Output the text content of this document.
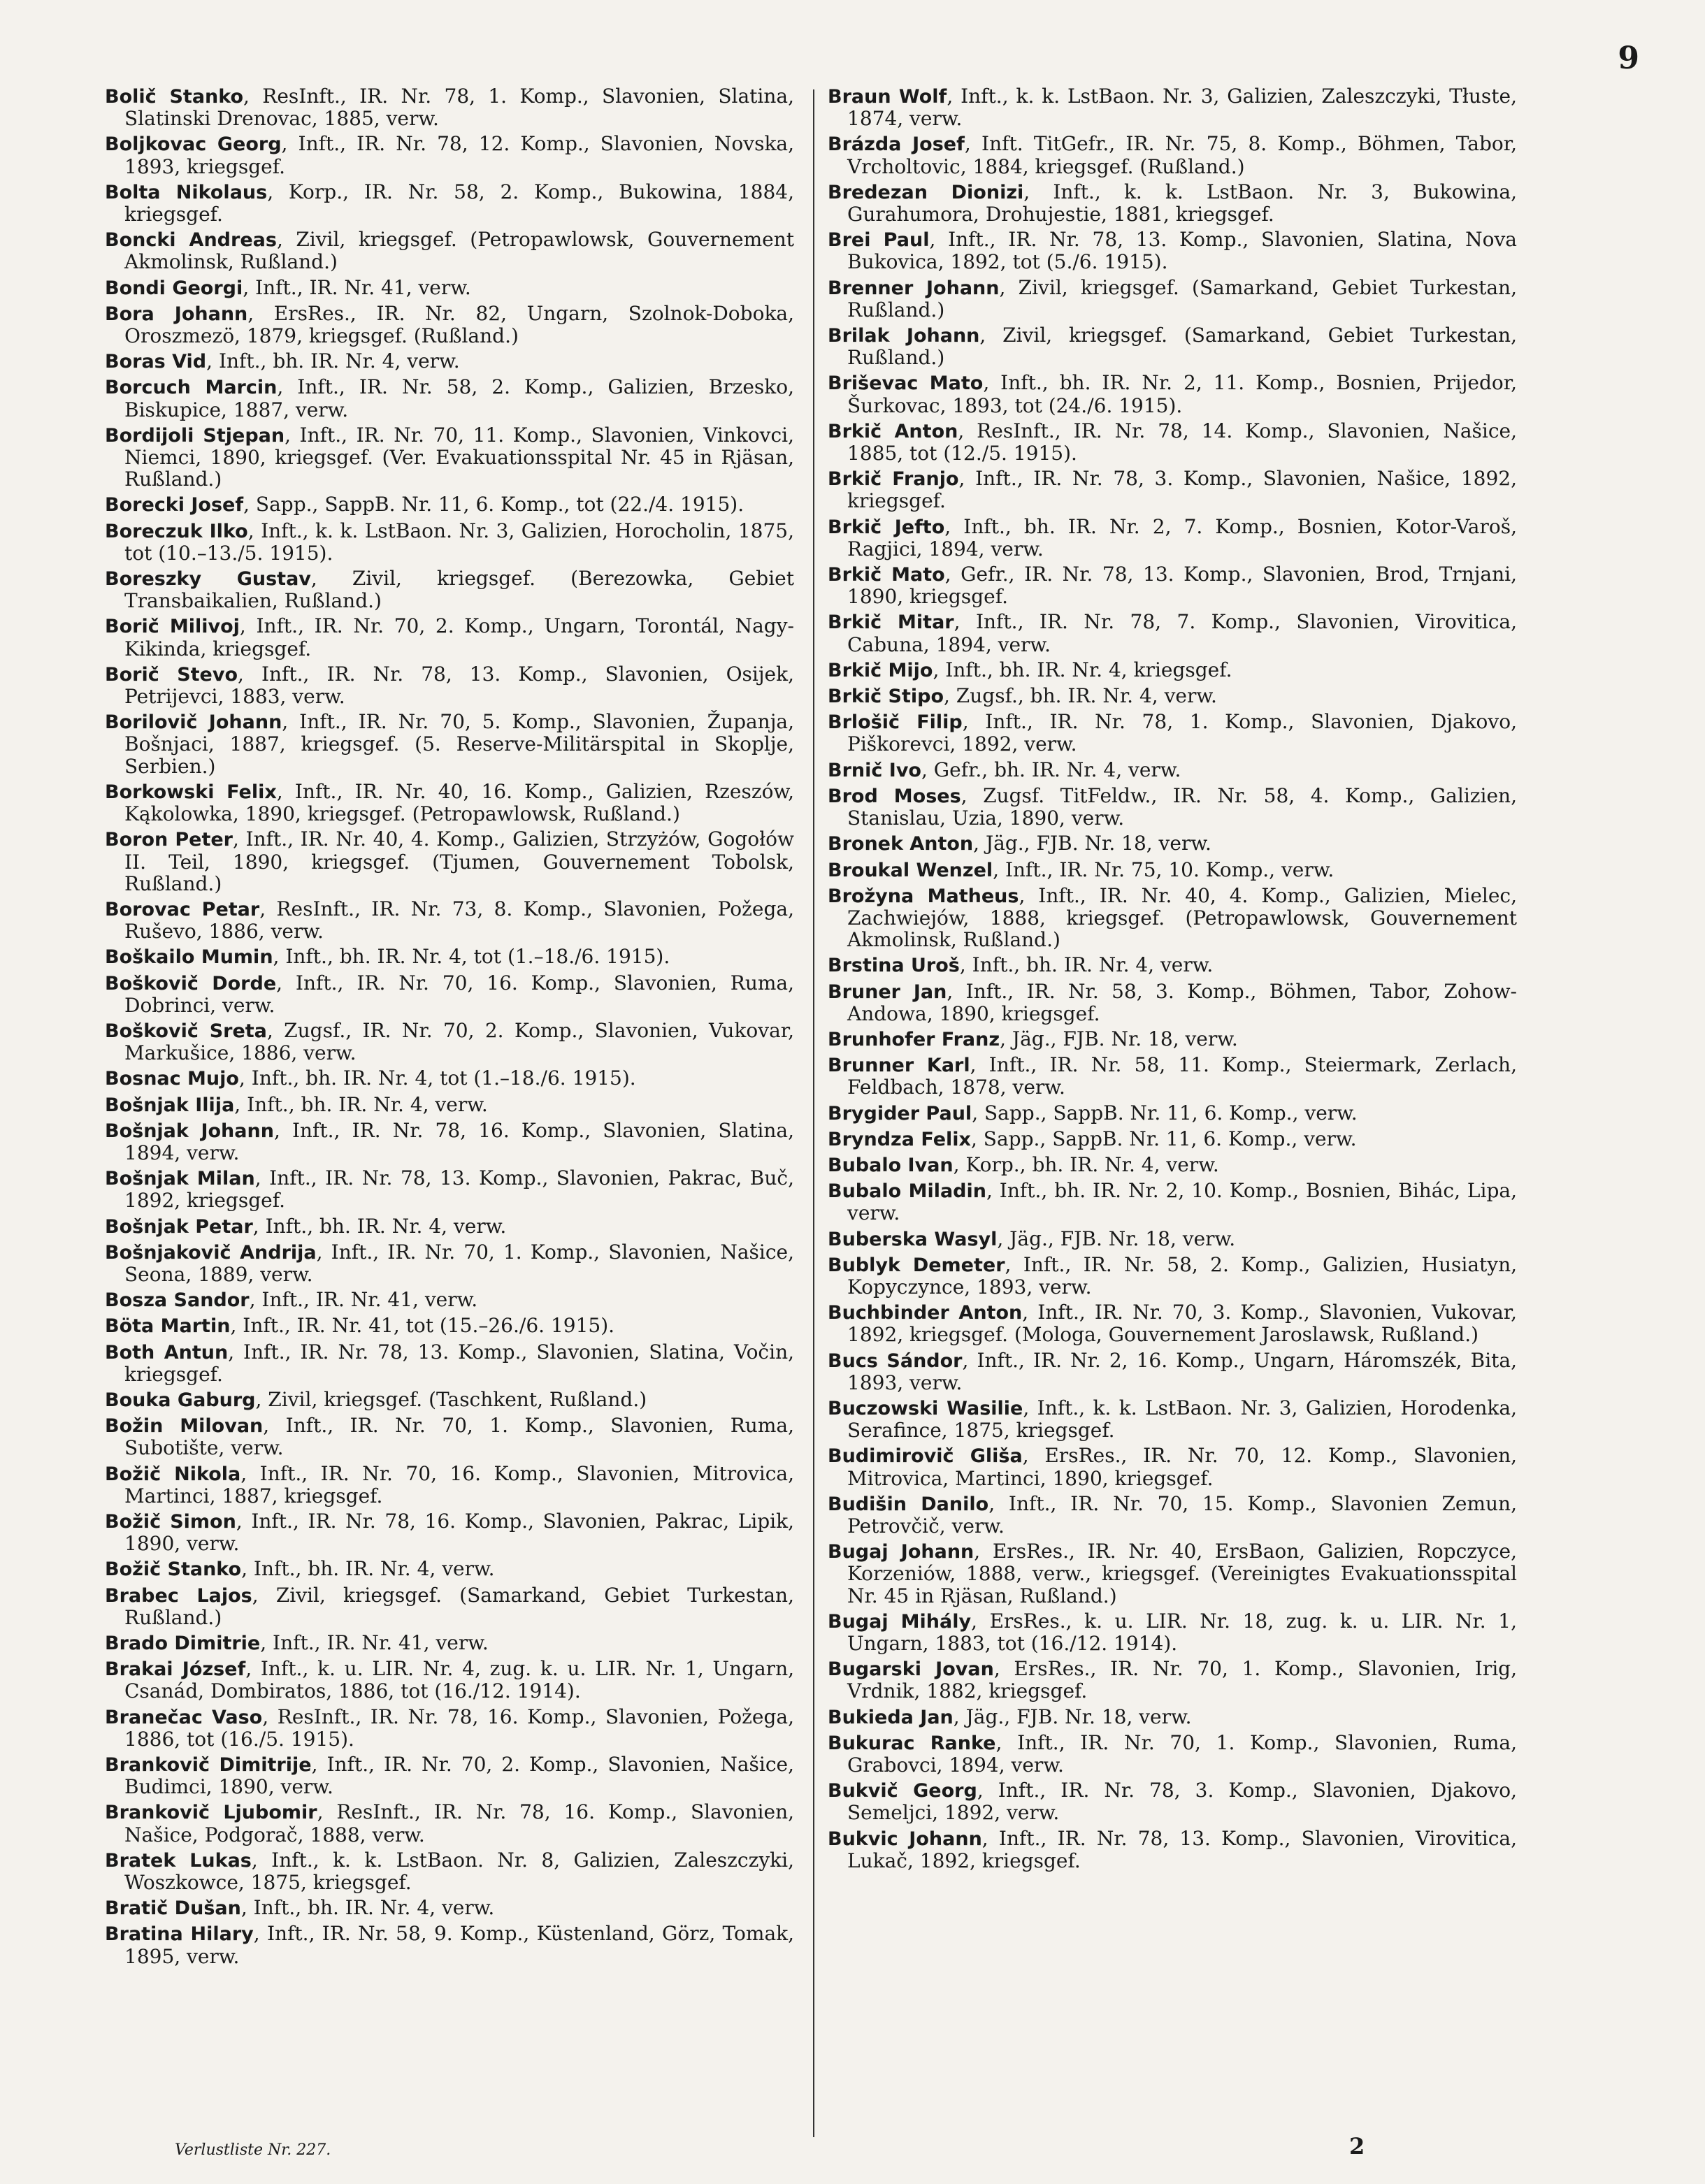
9

Bolič Stanko, ResInft., IR. Nr. 78, 1. Komp., Slavonien, Slatina, Slatinski Drenovac, 1885, verw.

Boljkovac Georg, Inft., IR. Nr. 78, 12. Komp., Slavonien, Novska, 1893, kriegsgef.

Bolta Nikolaus, Korp., IR. Nr. 58, 2. Komp., Bukowina, 1884, kriegsgef.

Boncki Andreas, Zivil, kriegsgef. (Petropawlowsk, Gouvernement Akmolinsk, Rußland.)

Bondi Georgi, Inft., IR. Nr. 41, verw.

Bora Johann, ErsRes., IR. Nr. 82, Ungarn, Szolnok-Doboka, Oroszmezö, 1879, kriegsgef. (Rußland.)

Boras Vid, Inft., bh. IR. Nr. 4, verw.

Borcuch Marcin, Inft., IR. Nr. 58, 2. Komp., Galizien, Brzesko, Biskupice, 1887, verw.

Bordijoli Stjepan, Inft., IR. Nr. 70, 11. Komp., Slavonien, Vinkovci, Niemci, 1890, kriegsgef. (Ver. Evakuationsspital Nr. 45 in Rjäsan, Rußland.)

Borecki Josef, Sapp., SappB. Nr. 11, 6. Komp., tot (22./4. 1915).

Boreczuk Ilko, Inft., k. k. LstBaon. Nr. 3, Galizien, Horocholin, 1875, tot (10.–13./5. 1915).

Boreszky Gustav, Zivil, kriegsgef. (Berezowka, Gebiet Transbaikalien, Rußland.)

Borič Milivoj, Inft., IR. Nr. 70, 2. Komp., Ungarn, Torontál, Nagy-Kikinda, kriegsgef.

Borič Stevo, Inft., IR. Nr. 78, 13. Komp., Slavonien, Osijek, Petrijevci, 1883, verw.

Borilovič Johann, Inft., IR. Nr. 70, 5. Komp., Slavonien, Županja, Bošnjaci, 1887, kriegsgef. (5. Reserve-Militärspital in Skoplje, Serbien.)

Borkowski Felix, Inft., IR. Nr. 40, 16. Komp., Galizien, Rzeszów, Kąkolowka, 1890, kriegsgef. (Petropawlowsk, Rußland.)

Boron Peter, Inft., IR. Nr. 40, 4. Komp., Galizien, Strzyżów, Gogołów II. Teil, 1890, kriegsgef. (Tjumen, Gouvernement Tobolsk, Rußland.)

Borovac Petar, ResInft., IR. Nr. 73, 8. Komp., Slavonien, Požega, Ruševo, 1886, verw.

Boškailo Mumin, Inft., bh. IR. Nr. 4, tot (1.–18./6. 1915).

Boškovič Dorde, Inft., IR. Nr. 70, 16. Komp., Slavonien, Ruma, Dobrinci, verw.

Boškovič Sreta, Zugsf., IR. Nr. 70, 2. Komp., Slavonien, Vukovar, Markušice, 1886, verw.

Bosnac Mujo, Inft., bh. IR. Nr. 4, tot (1.–18./6. 1915).

Bošnjak Ilija, Inft., bh. IR. Nr. 4, verw.

Bošnjak Johann, Inft., IR. Nr. 78, 16. Komp., Slavonien, Slatina, 1894, verw.

Bošnjak Milan, Inft., IR. Nr. 78, 13. Komp., Slavonien, Pakrac, Buč, 1892, kriegsgef.

Bošnjak Petar, Inft., bh. IR. Nr. 4, verw.

Bošnjakovič Andrija, Inft., IR. Nr. 70, 1. Komp., Slavonien, Našice, Seona, 1889, verw.

Bosza Sandor, Inft., IR. Nr. 41, verw.

Böta Martin, Inft., IR. Nr. 41, tot (15.–26./6. 1915).

Both Antun, Inft., IR. Nr. 78, 13. Komp., Slavonien, Slatina, Vočin, kriegsgef.

Bouka Gaburg, Zivil, kriegsgef. (Taschkent, Rußland.)

Božin Milovan, Inft., IR. Nr. 70, 1. Komp., Slavonien, Ruma, Subotište, verw.

Božič Nikola, Inft., IR. Nr. 70, 16. Komp., Slavonien, Mitrovica, Martinci, 1887, kriegsgef.

Božič Simon, Inft., IR. Nr. 78, 16. Komp., Slavonien, Pakrac, Lipik, 1890, verw.

Božič Stanko, Inft., bh. IR. Nr. 4, verw.

Brabec Lajos, Zivil, kriegsgef. (Samarkand, Gebiet Turkestan, Rußland.)

Brado Dimitrie, Inft., IR. Nr. 41, verw.

Brakai József, Inft., k. u. LIR. Nr. 4, zug. k. u. LIR. Nr. 1, Ungarn, Csanád, Dombiratos, 1886, tot (16./12. 1914).

Branečac Vaso, ResInft., IR. Nr. 78, 16. Komp., Slavonien, Požega, 1886, tot (16./5. 1915).

Brankovič Dimitrije, Inft., IR. Nr. 70, 2. Komp., Slavonien, Našice, Budimci, 1890, verw.

Brankovič Ljubomir, ResInft., IR. Nr. 78, 16. Komp., Slavonien, Našice, Podgorač, 1888, verw.

Bratek Lukas, Inft., k. k. LstBaon. Nr. 8, Galizien, Zaleszczyki, Woszkowce, 1875, kriegsgef.

Bratič Dušan, Inft., bh. IR. Nr. 4, verw.

Bratina Hilary, Inft., IR. Nr. 58, 9. Komp., Küstenland, Görz, Tomak, 1895, verw.

Braun Wolf, Inft., k. k. LstBaon. Nr. 3, Galizien, Zaleszczyki, Tłuste, 1874, verw.

Brázda Josef, Inft. TitGefr., IR. Nr. 75, 8. Komp., Böhmen, Tabor, Vrcholtovic, 1884, kriegsgef. (Rußland.)

Bredezan Dionizi, Inft., k. k. LstBaon. Nr. 3, Bukowina, Gurahumora, Drohujestie, 1881, kriegsgef.

Brei Paul, Inft., IR. Nr. 78, 13. Komp., Slavonien, Slatina, Nova Bukovica, 1892, tot (5./6. 1915).

Brenner Johann, Zivil, kriegsgef. (Samarkand, Gebiet Turkestan, Rußland.)

Brilak Johann, Zivil, kriegsgef. (Samarkand, Gebiet Turkestan, Rußland.)

Briševac Mato, Inft., bh. IR. Nr. 2, 11. Komp., Bosnien, Prijedor, Šurkovac, 1893, tot (24./6. 1915).

Brkič Anton, ResInft., IR. Nr. 78, 14. Komp., Slavonien, Našice, 1885, tot (12./5. 1915).

Brkič Franjo, Inft., IR. Nr. 78, 3. Komp., Slavonien, Našice, 1892, kriegsgef.

Brkič Jefto, Inft., bh. IR. Nr. 2, 7. Komp., Bosnien, Kotor-Varoš, Ragjici, 1894, verw.

Brkič Mato, Gefr., IR. Nr. 78, 13. Komp., Slavonien, Brod, Trnjani, 1890, kriegsgef.

Brkič Mitar, Inft., IR. Nr. 78, 7. Komp., Slavonien, Virovitica, Cabuna, 1894, verw.

Brkič Mijo, Inft., bh. IR. Nr. 4, kriegsgef.

Brkič Stipo, Zugsf., bh. IR. Nr. 4, verw.

Brlošič Filip, Inft., IR. Nr. 78, 1. Komp., Slavonien, Djakovo, Piškorevci, 1892, verw.

Brnič Ivo, Gefr., bh. IR. Nr. 4, verw.

Brod Moses, Zugsf. TitFeldw., IR. Nr. 58, 4. Komp., Galizien, Stanislau, Uzia, 1890, verw.

Bronek Anton, Jäg., FJB. Nr. 18, verw.

Broukal Wenzel, Inft., IR. Nr. 75, 10. Komp., verw.

Brožyna Matheus, Inft., IR. Nr. 40, 4. Komp., Galizien, Mielec, Zachwiejów, 1888, kriegsgef. (Petropawlowsk, Gouvernement Akmolinsk, Rußland.)

Brstina Uroš, Inft., bh. IR. Nr. 4, verw.

Bruner Jan, Inft., IR. Nr. 58, 3. Komp., Böhmen, Tabor, Zohow-Andowa, 1890, kriegsgef.

Brunhofer Franz, Jäg., FJB. Nr. 18, verw.

Brunner Karl, Inft., IR. Nr. 58, 11. Komp., Steiermark, Zerlach, Feldbach, 1878, verw.

Brygider Paul, Sapp., SappB. Nr. 11, 6. Komp., verw.

Bryndza Felix, Sapp., SappB. Nr. 11, 6. Komp., verw.

Bubalo Ivan, Korp., bh. IR. Nr. 4, verw.

Bubalo Miladin, Inft., bh. IR. Nr. 2, 10. Komp., Bosnien, Bihác, Lipa, verw.

Buberska Wasyl, Jäg., FJB. Nr. 18, verw.

Bublyk Demeter, Inft., IR. Nr. 58, 2. Komp., Galizien, Husiatyn, Kopyczynce, 1893, verw.

Buchbinder Anton, Inft., IR. Nr. 70, 3. Komp., Slavonien, Vukovar, 1892, kriegsgef. (Mologa, Gouvernement Jaroslawsk, Rußland.)

Bucs Sándor, Inft., IR. Nr. 2, 16. Komp., Ungarn, Háromszék, Bita, 1893, verw.

Buczowski Wasilie, Inft., k. k. LstBaon. Nr. 3, Galizien, Horodenka, Serafince, 1875, kriegsgef.

Budimirovič Gliša, ErsRes., IR. Nr. 70, 12. Komp., Slavonien, Mitrovica, Martinci, 1890, kriegsgef.

Budišin Danilo, Inft., IR. Nr. 70, 15. Komp., Slavonien Zemun, Petrovčič, verw.

Bugaj Johann, ErsRes., IR. Nr. 40, ErsBaon, Galizien, Ropczyce, Korzeniów, 1888, verw., kriegsgef. (Vereinigtes Evakuationsspital Nr. 45 in Rjäsan, Rußland.)

Bugaj Mihály, ErsRes., k. u. LIR. Nr. 18, zug. k. u. LIR. Nr. 1, Ungarn, 1883, tot (16./12. 1914).

Bugarski Jovan, ErsRes., IR. Nr. 70, 1. Komp., Slavonien, Irig, Vrdnik, 1882, kriegsgef.

Bukieda Jan, Jäg., FJB. Nr. 18, verw.

Bukurac Ranke, Inft., IR. Nr. 70, 1. Komp., Slavonien, Ruma, Grabovci, 1894, verw.

Bukvič Georg, Inft., IR. Nr. 78, 3. Komp., Slavonien, Djakovo, Semeljci, 1892, verw.

Bukvic Johann, Inft., IR. Nr. 78, 13. Komp., Slavonien, Virovitica, Lukač, 1892, kriegsgef.

Verlustliste Nr. 227.	2
